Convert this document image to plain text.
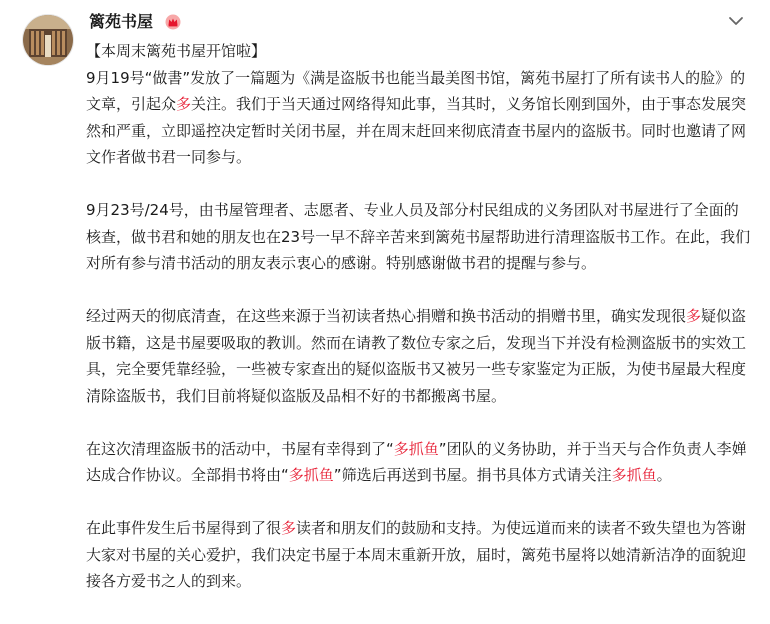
篱苑书屋

【本周末篱苑书屋开馆啦】

9月19号“做書”发放了一篇题为《满是盗版书也能当最美图书馆，篱苑书屋打了所有读书人的脸》的文章，引起众多关注。我们于当天通过网络得知此事，当其时，义务馆长刚到国外，由于事态发展突然和严重，立即遥控决定暂时关闭书屋，并在周末赶回来彻底清查书屋内的盗版书。同时也邀请了网文作者做书君一同参与。

9月23号/24号，由书屋管理者、志愿者、专业人员及部分村民组成的义务团队对书屋进行了全面的核查，做书君和她的朋友也在23号一早不辞辛苦来到篱苑书屋帮助进行清理盗版书工作。在此，我们对所有参与清书活动的朋友表示衷心的感谢。特别感谢做书君的提醒与参与。

经过两天的彻底清查，在这些来源于当初读者热心捐赠和换书活动的捐赠书里，确实发现很多疑似盗版书籍，这是书屋要吸取的教训。然而在请教了数位专家之后，发现当下并没有检测盗版书的实效工具，完全要凭靠经验，一些被专家查出的疑似盗版书又被另一些专家鉴定为正版，为使书屋最大程度清除盗版书，我们目前将疑似盗版及品相不好的书都搬离书屋。

在这次清理盗版书的活动中，书屋有幸得到了“多抓鱼”团队的义务协助，并于当天与合作负责人李婵达成合作协议。全部捐书将由“多抓鱼”筛选后再送到书屋。捐书具体方式请关注多抓鱼。

在此事件发生后书屋得到了很多读者和朋友们的鼓励和支持。为使远道而来的读者不致失望也为答谢大家对书屋的关心爱护，我们决定书屋于本周末重新开放，届时，篱苑书屋将以她清新洁净的面貌迎接各方爱书之人的到来。
